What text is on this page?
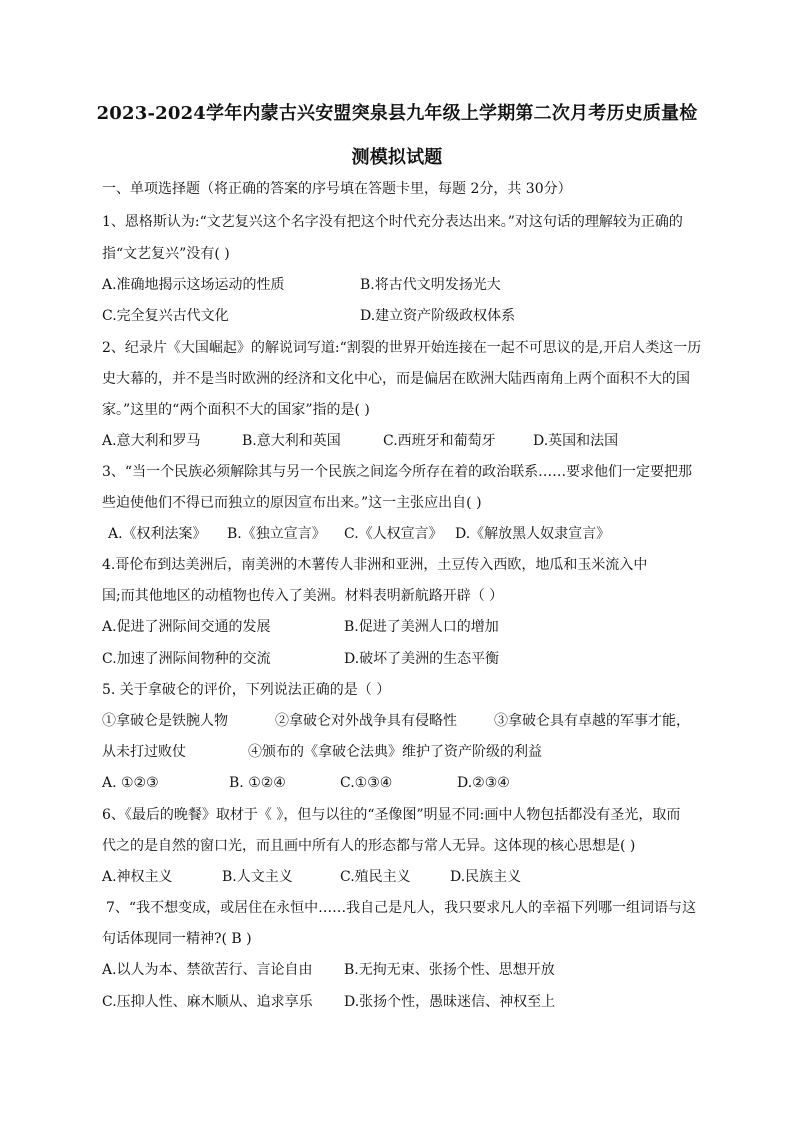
2023-2024学年内蒙古兴安盟突泉县九年级上学期第二次月考历史质量检
测模拟试题
一、单项选择题（将正确的答案的序号填在答题卡里，每题 2分，共 30分）
1、恩格斯认为:“文艺复兴这个名字没有把这个时代充分表达出来。”对这句话的理解较为正确的
指“文艺复兴”没有( )
A.准确地揭示这场运动的性质	B.将古代文明发扬光大
C.完全复兴古代文化	D.建立资产阶级政权体系
2、纪录片《大国崛起》的解说词写道:“割裂的世界开始连接在一起不可思议的是,开启人类这一历
史大幕的，并不是当时欧洲的经济和文化中心，而是偏居在欧洲大陆西南角上两个面积不大的国
家。”这里的“两个面积不大的国家”指的是( )
A.意大利和罗马	B.意大利和英国	C.西班牙和葡萄牙	D.英国和法国
3、“当一个民族必须解除其与另一个民族之间迄今所存在着的政治联系……要求他们一定要把那
些迫使他们不得已而独立的原因宣布出来。”这一主张应出自( )
A.《权利法案》 B.《独立宣言》 C.《人权宣言》 D.《解放黑人奴隶宣言》
4.哥伦布到达美洲后，南美洲的木薯传人非洲和亚洲，土豆传入西欧，地瓜和玉米流入中
国;而其他地区的动植物也传入了美洲。材料表明新航路开辟（ ）
A.促进了洲际间交通的发展	B.促进了美洲人口的增加
C.加速了洲际间物种的交流	D.破坏了美洲的生态平衡
5. 关于拿破仑的评价，下列说法正确的是（ ）
①拿破仑是铁腕人物	②拿破仑对外战争具有侵略性	③拿破仑具有卓越的军事才能，
从未打过败仗	④颁布的《拿破仑法典》维护了资产阶级的利益
A. ①②③	B. ①②④	C.①③④	D.②③④
6、《最后的晚餐》取材于《 》，但与以往的“圣像图”明显不同:画中人物包括都没有圣光，取而
代之的是自然的窗口光，而且画中所有人的形态都与常人无异。这体现的核心思想是( )
A.神权主义	B.人文主义	C.殖民主义	D.民族主义
7、“我不想变成，或居住在永恒中……我自己是凡人，我只要求凡人的幸福下列哪一组词语与这
句话体现同一精神?( B )
A.以人为本、禁欲苦行、言论自由 B.无拘无束、张扬个性、思想开放
C.压抑人性、麻木顺从、追求享乐 D.张扬个性，愚昧迷信、神权至上
